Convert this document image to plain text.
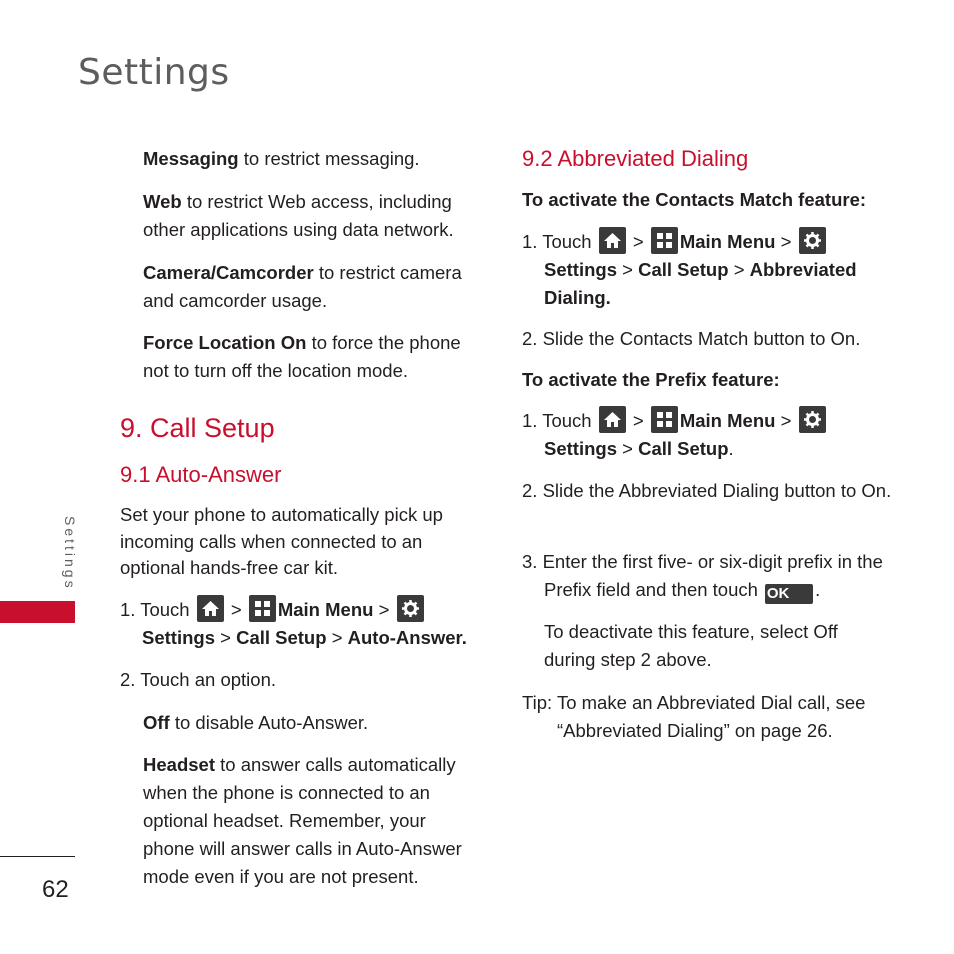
Settings
Settings
62
Messaging to restrict messaging.
Web to restrict Web access, including other applications using data network.
Camera/Camcorder to restrict camera and camcorder usage.
Force Location On to force the phone not to turn off the location mode.
9. Call Setup
9.1 Auto-Answer
Set your phone to automatically pick up incoming calls when connected to an optional hands-free car kit.
1. Touch > Main Menu >

Settings > Call Setup > Auto-Answer.
2. Touch an option.
Off to disable Auto-Answer.
Headset to answer calls automatically when the phone is connected to an optional headset. Remember, your phone will answer calls in Auto-Answer mode even if you are not present.
9.2 Abbreviated Dialing
To activate the Contacts Match feature:
1. Touch > Main Menu >

Settings > Call Setup > Abbreviated Dialing.
2. Slide the Contacts Match button to On.
To activate the Prefix feature:
1. Touch > Main Menu >

Settings > Call Setup.
2. Slide the Abbreviated Dialing button to On.
3. Enter the first five- or six-digit prefix in the Prefix field and then touch OK .
To deactivate this feature, select Off during step 2 above.
Tip: To make an Abbreviated Dial call, see “Abbreviated Dialing” on page 26.
